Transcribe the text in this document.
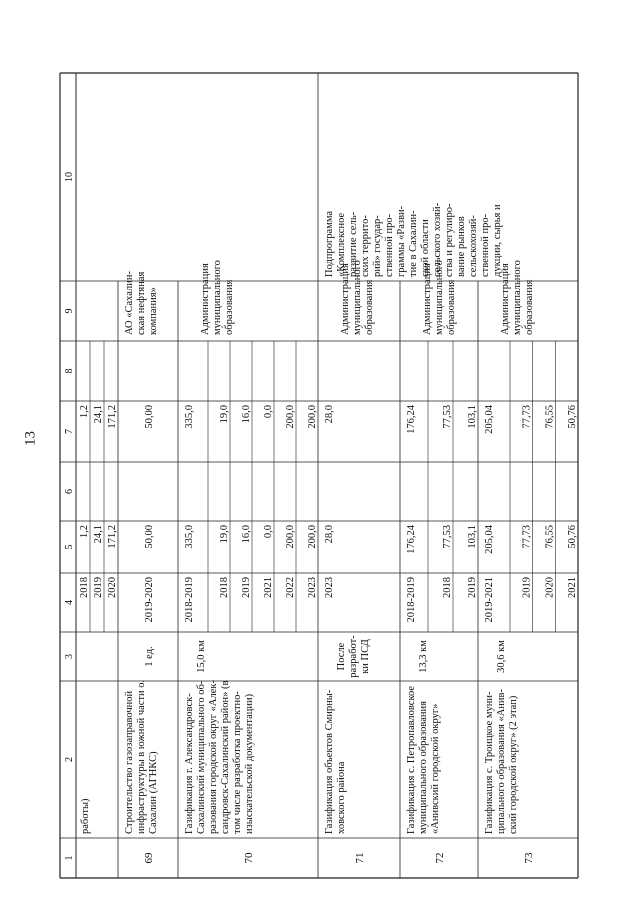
13
1
2
3
4
5
6
7
8
9
10
работы)
2018
1,2
1,2
2019
24,1
24,1
2020
171,2
171,2
69
Строительство газозаправочной инфраструктуры в южной части о. Сахалин (АГНКС)
1 ед.
2019-2020
50,00
50,00
АО «Сахалин- ская нефтяная компания»
70
Газификация г. Александровск- Сахалинский муниципального об- разования городской округ «Алек- сандровск-Сахалинский район» (в том числе разработка проектно- изыскательской документации)
15,0 км
2018-2019
335,0
335,0
Администрация муниципального образования
2018
19,0
19,0
2019
16,0
16,0
2021
0,0
0,0
2022
200,0
200,0
2023
200,0
200,0
71
Газификация объектов Смирны- ховского района
После разработ- ки ПСД
2023
28,0
28,0
Администрация муниципального образования
72
Газификация с. Петропавловское муниципального образования «Анивский городской округ»
13,3 км
2018-2019
176,24
176,24
Администрация муниципального образования
2018
77,53
77,53
2019
103,1
103,1
73
Газификация с. Троицкое муни- ципального образования «Анив- ский городской округ» (2 этап)
30,6 км
2019-2021
205,04
205,04
Администрация муниципального образования
2019
77,73
77,73
2020
76,55
76,55
2021
50,76
50,76
Подпрограмма «Комплексное развитие сель- ских террито- рий» государ- ственной про- граммы «Разви- тие в Сахалин- ской области сельского хозяй- ства и регулиро- вание рынков сельскохозяй- ственной про- дукции, сырья и
